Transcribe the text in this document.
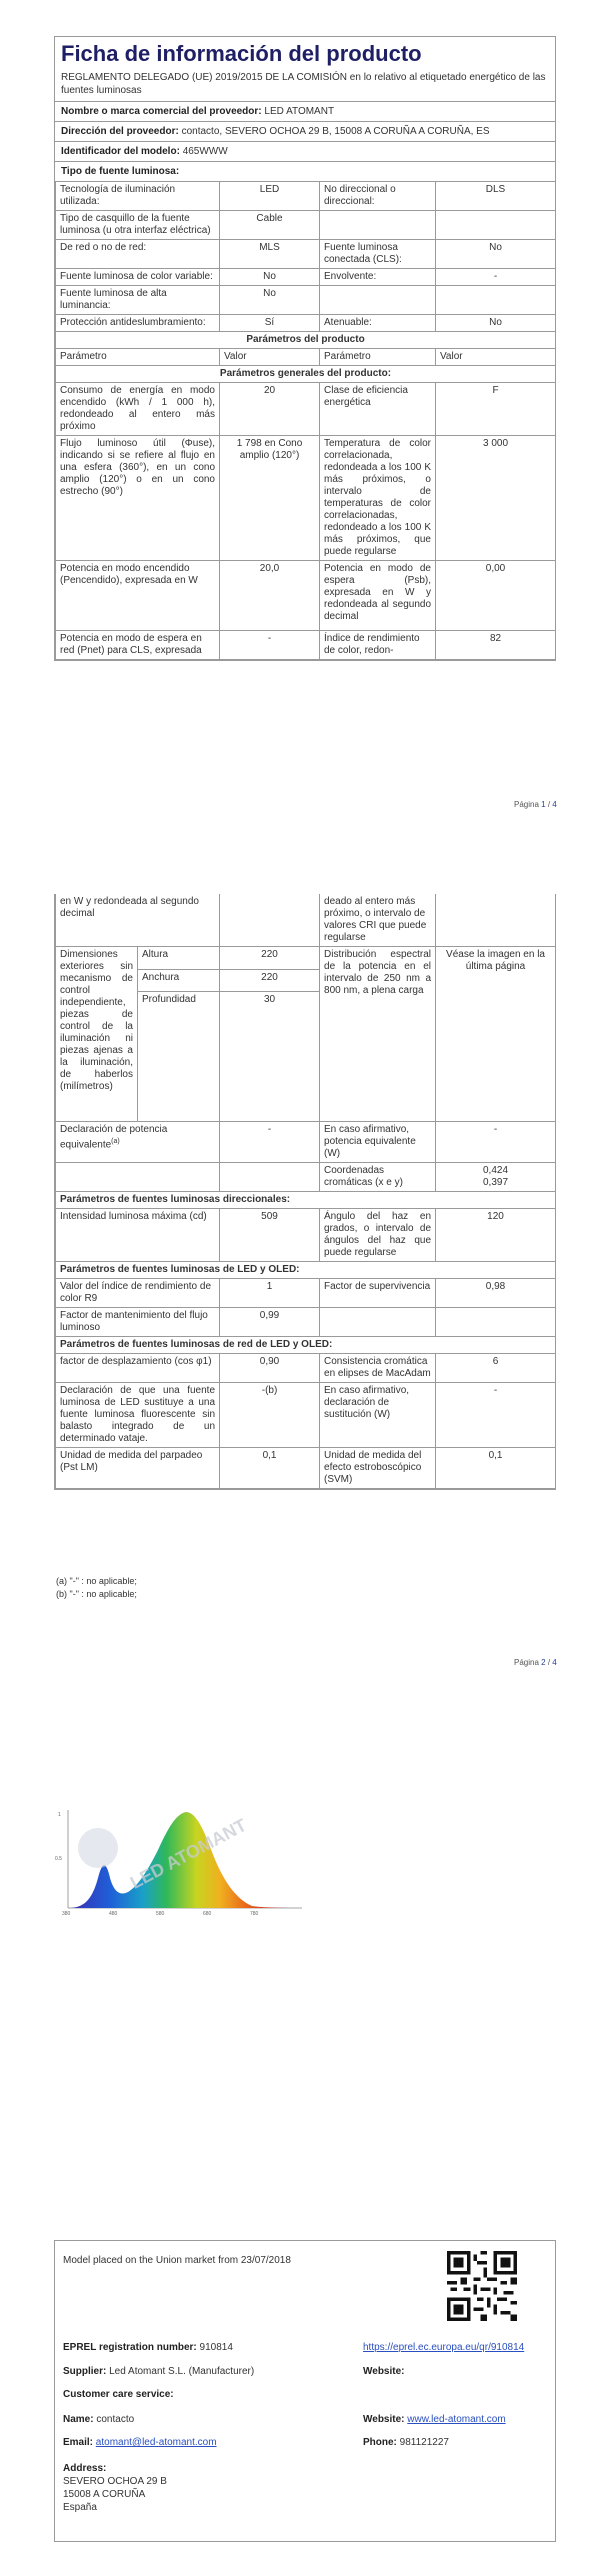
Ficha de información del producto
REGLAMENTO DELEGADO (UE) 2019/2015 DE LA COMISIÓN en lo relativo al etiquetado energético de las fuentes luminosas
Nombre o marca comercial del proveedor: LED ATOMANT
Dirección del proveedor: contacto, SEVERO OCHOA 29 B, 15008 A CORUÑA A CORUÑA, ES
Identificador del modelo: 465WWW
Tipo de fuente luminosa:
Tecnología de iluminación utilizada:	LED	No direccional o direccional:	DLS
Tipo de casquillo de la fuente luminosa (u otra interfaz eléctrica)	Cable		
De red o no de red:	MLS	Fuente luminosa conectada (CLS):	No
Fuente luminosa de color variable:	No	Envolvente:	-
Fuente luminosa de alta luminancia:	No		
Protección antideslumbramiento:	Sí	Atenuable:	No
Parámetros del producto			
Parámetro	Valor	Parámetro	Valor
Parámetros generales del producto:			
Consumo de energía en modo encendido (kWh / 1 000 h), redondeado al entero más próximo	20	Clase de eficiencia energética	F
Flujo luminoso útil (Φuse), indicando si se refiere al flujo en una esfera (360°), en un cono amplio (120°) o en un cono estrecho (90°)	1 798 en Cono amplio (120°)	Temperatura de color correlacionada, redondeada a los 100 K más próximos, o intervalo de temperaturas de color correlacionadas, redondeado a los 100 K más próximos, que puede regularse	3 000
Potencia en modo encendido (Pencendido), expresada en W	20,0	Potencia en modo de espera (Psb), expresada en W y redondeada al segundo decimal	0,00
Potencia en modo de espera en red (Pnet) para CLS, expresada	-	Índice de rendimiento de color, redon-	82
Página 1 / 4
en W y redondeada al segundo decimal			deado al entero más próximo, o intervalo de valores CRI que puede regularse	
Dimensiones exteriores sin mecanismo de control independiente, piezas de control de la iluminación ni piezas ajenas a la iluminación, de haberlos (milímetros)	Altura	220	Distribución espectral de la potencia en el intervalo de 250 nm a 800 nm, a plena carga	Véase la imagen en la última página
	Anchura	220		
	Profundidad	30		
Declaración de potencia equivalente$^{(a)}$		-	En caso afirmativo, potencia equivalente (W)	-
			Coordenadas cromáticas (x e y)	0,424
0,397

Parámetros de fuentes luminosas direccionales:				
Intensidad luminosa máxima (cd)		509	Ángulo del haz en grados, o intervalo de ángulos del haz que puede regularse	120
Parámetros de fuentes luminosas de LED y OLED:				
Valor del índice de rendimiento de color R9		1	Factor de supervivencia	0,98
Factor de mantenimiento del flujo luminoso		0,99		
Parámetros de fuentes luminosas de red de LED y OLED:				
factor de desplazamiento (cos φ1)		0,90	Consistencia cromática en elipses de MacAdam	6
Declaración de que una fuente luminosa de LED sustituye a una fuente luminosa fluorescente sin balasto integrado de un determinado vataje.		-(b)	En caso afirmativo, declaración de sustitución (W)	-
Unidad de medida del parpadeo (Pst LM)		0,1	Unidad de medida del efecto estroboscópico (SVM)	0,1
(a) "-" : no aplicable;
(b) "-" : no aplicable;
Página 2 / 4
1
0.5
380	480	580	680	780
LED ATOMANT
Model placed on the Union market from 23/07/2018
EPREL registration number: 910814	https://eprel.ec.europa.eu/qr/910814
Supplier: Led Atomant S.L. (Manufacturer)	Website:
Customer care service:
Name: contacto	Website: www.led-atomant.com
Email: atomant@led-atomant.com	Phone: 981121227
Address:
SEVERO OCHOA 29 B
15008 A CORUÑA
España
